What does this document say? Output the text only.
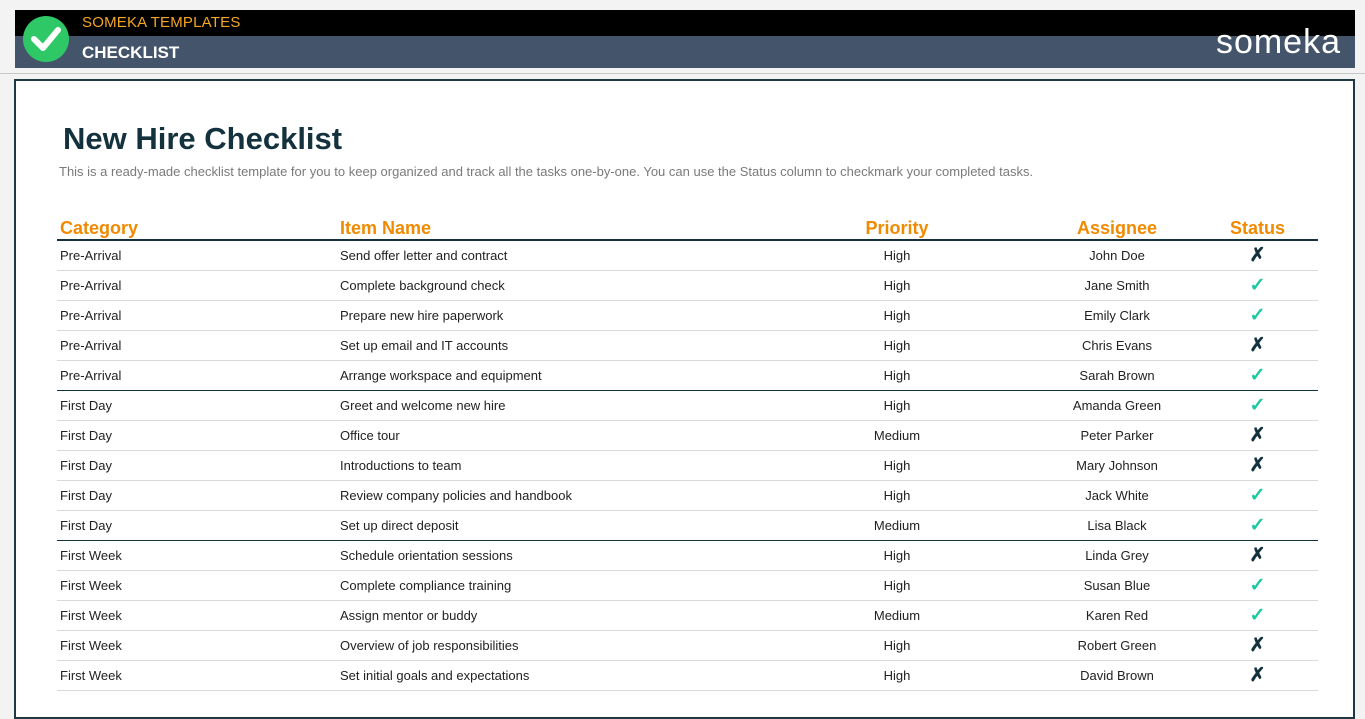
SOMEKA TEMPLATES
CHECKLIST	someka
New Hire Checklist
This is a ready-made checklist template for you to keep organized and track all the tasks one-by-one. You can use the Status column to checkmark your completed tasks.
Category	Item Name	Priority	Assignee	Status
Pre-Arrival	Send offer letter and contract	High	John Doe	✗
Pre-Arrival	Complete background check	High	Jane Smith	✓
Pre-Arrival	Prepare new hire paperwork	High	Emily Clark	✓
Pre-Arrival	Set up email and IT accounts	High	Chris Evans	✗
Pre-Arrival	Arrange workspace and equipment	High	Sarah Brown	✓
First Day	Greet and welcome new hire	High	Amanda Green	✓
First Day	Office tour	Medium	Peter Parker	✗
First Day	Introductions to team	High	Mary Johnson	✗
First Day	Review company policies and handbook	High	Jack White	✓
First Day	Set up direct deposit	Medium	Lisa Black	✓
First Week	Schedule orientation sessions	High	Linda Grey	✗
First Week	Complete compliance training	High	Susan Blue	✓
First Week	Assign mentor or buddy	Medium	Karen Red	✓
First Week	Overview of job responsibilities	High	Robert Green	✗
First Week	Set initial goals and expectations	High	David Brown	✗
